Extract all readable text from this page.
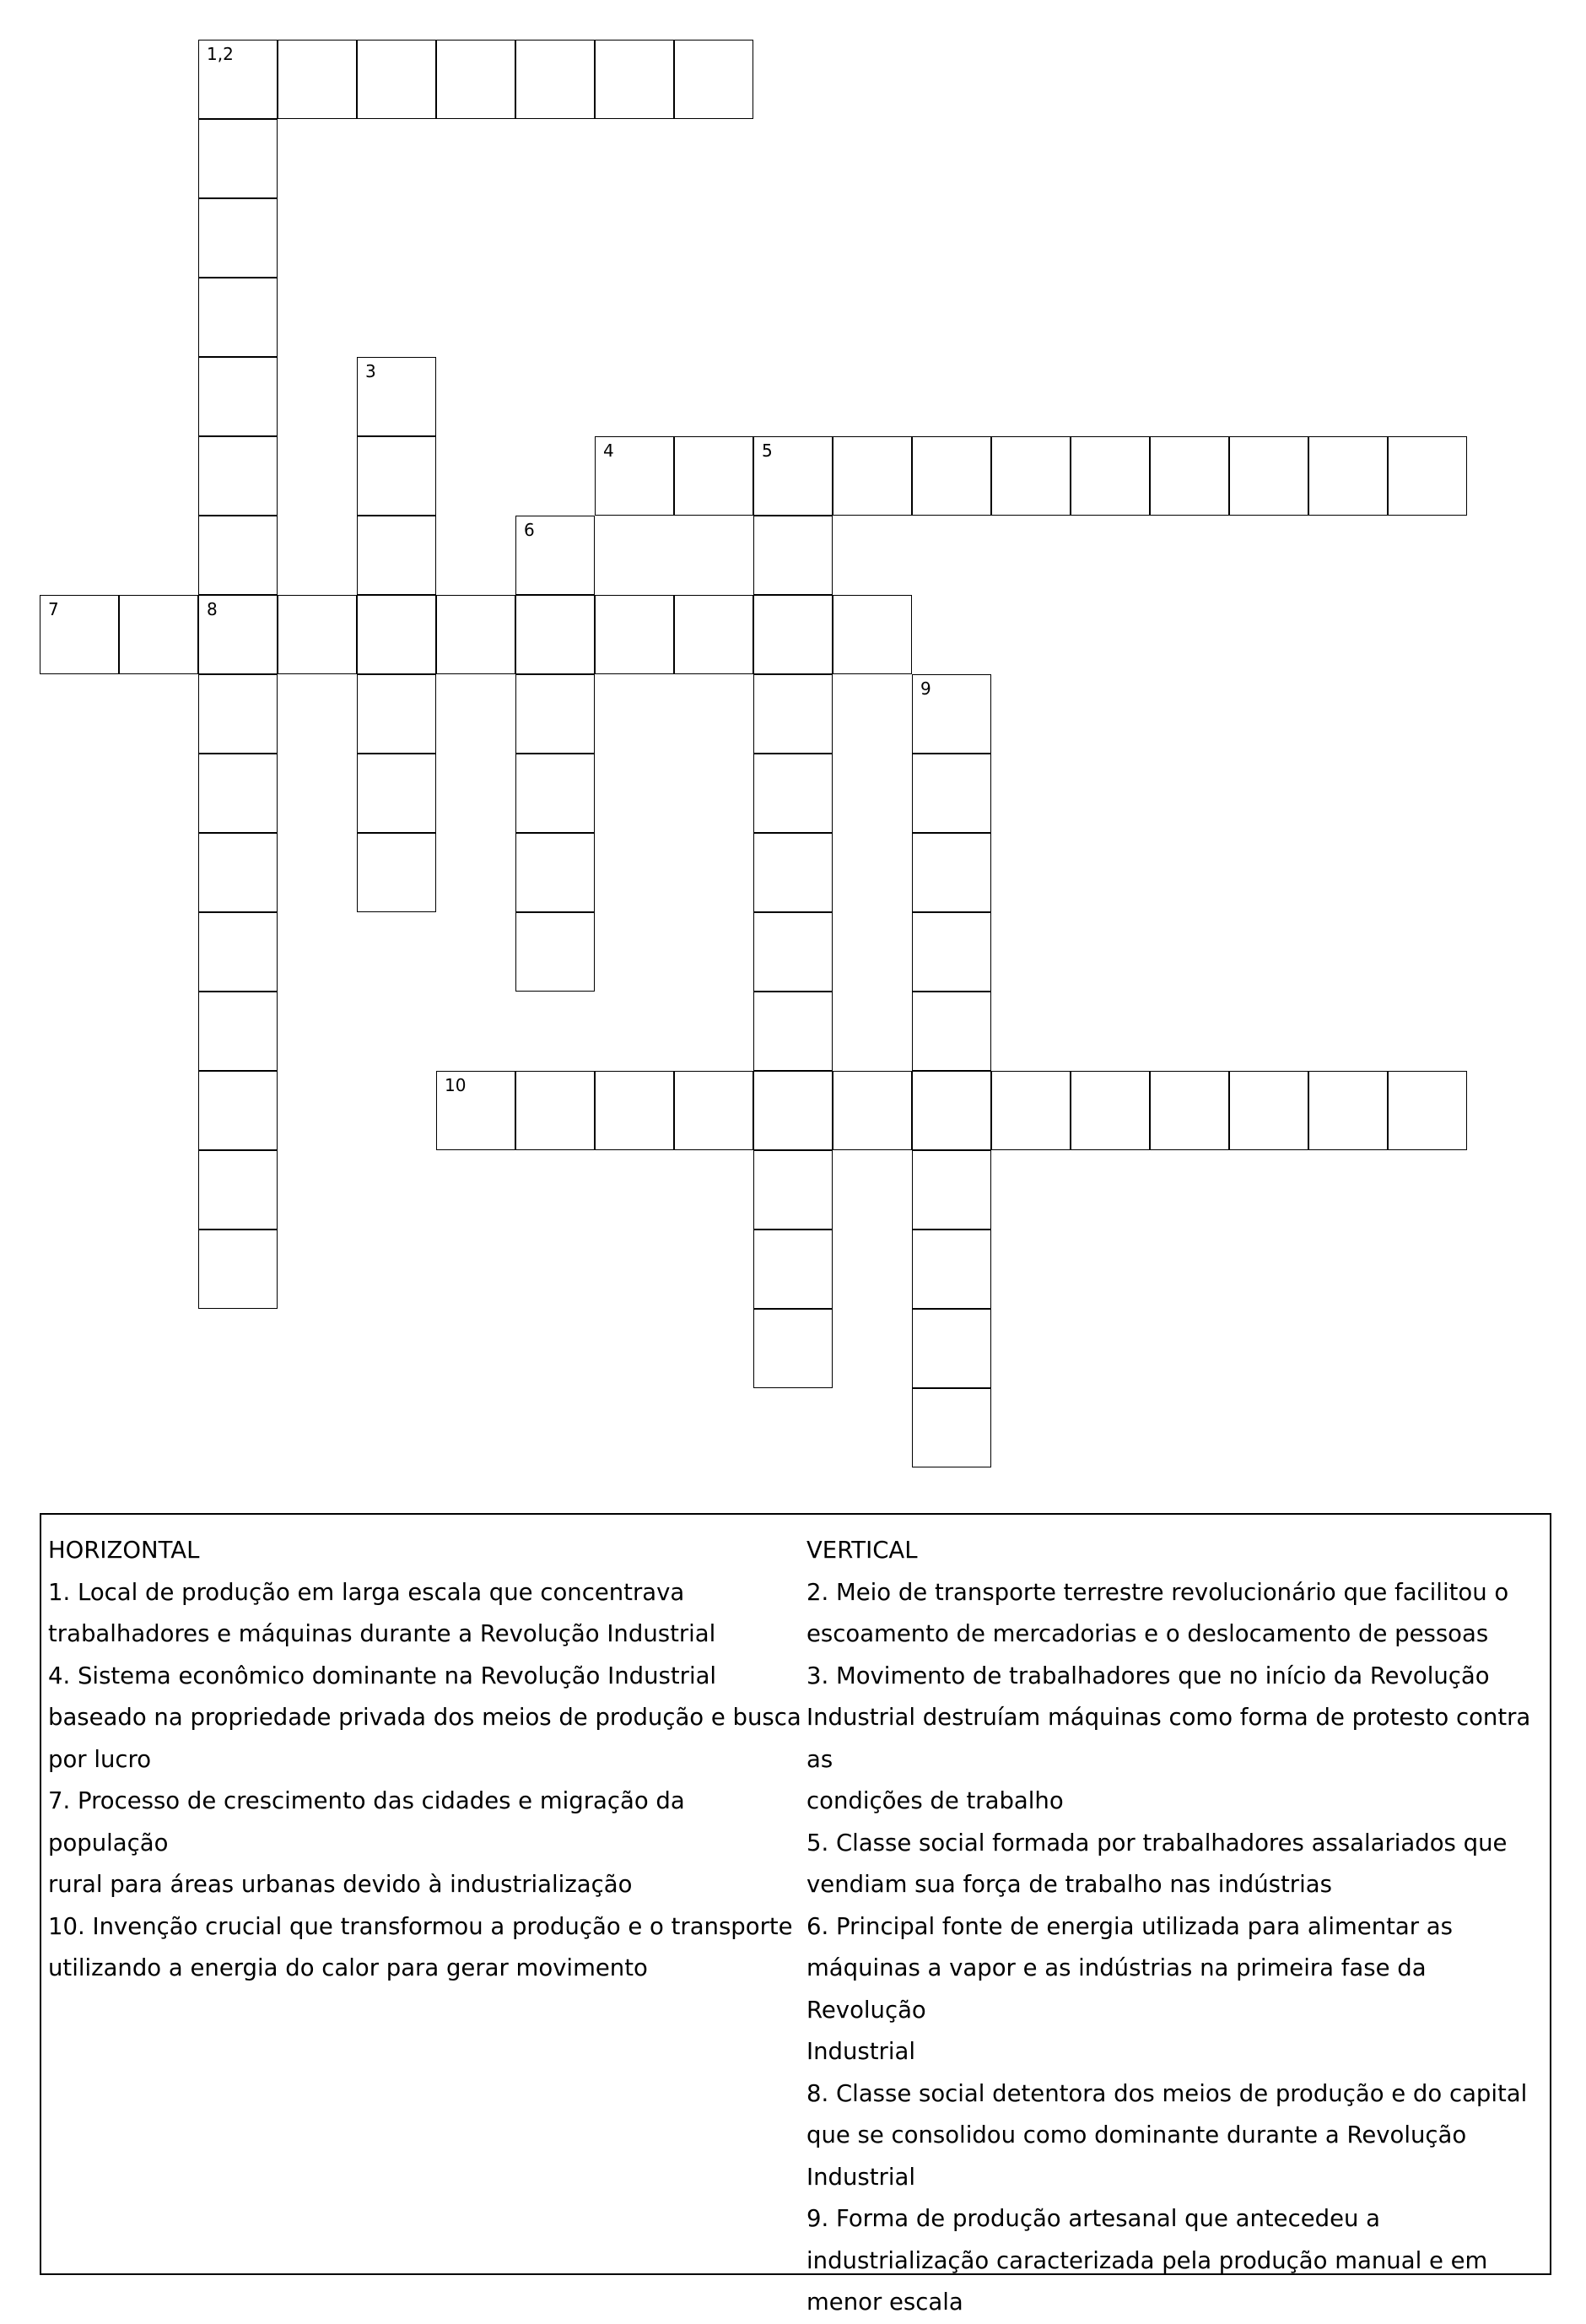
1,2
3
6
4	5
7	8
9
10
HORIZONTAL
1. Local de produção em larga escala que concentrava
trabalhadores e máquinas durante a Revolução Industrial
4. Sistema econômico dominante na Revolução Industrial
baseado na propriedade privada dos meios de produção e busca
por lucro
7. Processo de crescimento das cidades e migração da população
rural para áreas urbanas devido à industrialização
10. Invenção crucial que transformou a produção e o transporte
utilizando a energia do calor para gerar movimento
VERTICAL
2. Meio de transporte terrestre revolucionário que facilitou o
escoamento de mercadorias e o deslocamento de pessoas
3. Movimento de trabalhadores que no início da Revolução
Industrial destruíam máquinas como forma de protesto contra as
condições de trabalho
5. Classe social formada por trabalhadores assalariados que
vendiam sua força de trabalho nas indústrias
6. Principal fonte de energia utilizada para alimentar as
máquinas a vapor e as indústrias na primeira fase da Revolução
Industrial
8. Classe social detentora dos meios de produção e do capital
que se consolidou como dominante durante a Revolução
Industrial
9. Forma de produção artesanal que antecedeu a
industrialização caracterizada pela produção manual e em
menor escala
